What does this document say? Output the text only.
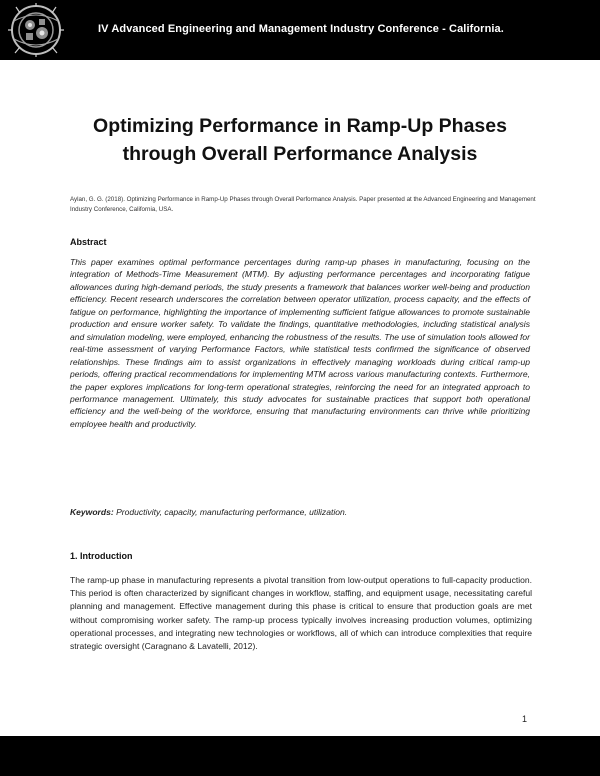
IV Advanced Engineering and Management Industry Conference - California.
Optimizing Performance in Ramp-Up Phases
through Overall Performance Analysis

Aylan, G. G. (2018). Optimizing Performance in Ramp-Up Phases through Overall Performance Analysis. Paper presented at the Advanced Engineering and Management Industry Conference, California, USA.

Abstract

This paper examines optimal performance percentages during ramp-up phases in manufacturing, focusing on the integration of Methods-Time Measurement (MTM). By adjusting performance percentages and incorporating fatigue allowances during high-demand periods, the study presents a framework that balances worker well-being and production efficiency. Recent research underscores the correlation between operator utilization, process capacity, and the effects of fatigue on performance, highlighting the importance of implementing sufficient fatigue allowances to promote sustainable production and ensure worker safety. To validate the findings, quantitative methodologies, including statistical analysis and simulation modeling, were employed, enhancing the robustness of the results. The use of simulation tools allowed for real-time assessment of varying Performance Factors, while statistical tests confirmed the significance of observed relationships. These findings aim to assist organizations in effectively managing workloads during critical ramp-up periods, offering practical recommendations for implementing MTM across various manufacturing contexts. Furthermore, the paper explores implications for long-term operational strategies, reinforcing the need for an integrated approach to performance management. Ultimately, this study advocates for sustainable practices that support both operational efficiency and the well-being of the workforce, ensuring that manufacturing environments can thrive while prioritizing employee health and productivity.

Keywords: Productivity, capacity, manufacturing performance, utilization.

1. Introduction

The ramp-up phase in manufacturing represents a pivotal transition from low-output operations to full-capacity production. This period is often characterized by significant changes in workflow, staffing, and equipment usage, necessitating careful planning and management. Effective management during this phase is critical to ensure that production goals are met without compromising worker safety. The ramp-up process typically involves increasing production volumes, optimizing operational processes, and integrating new technologies or workflows, all of which can introduce complexities that require strategic oversight (Caragnano & Lavatelli, 2012).

1
